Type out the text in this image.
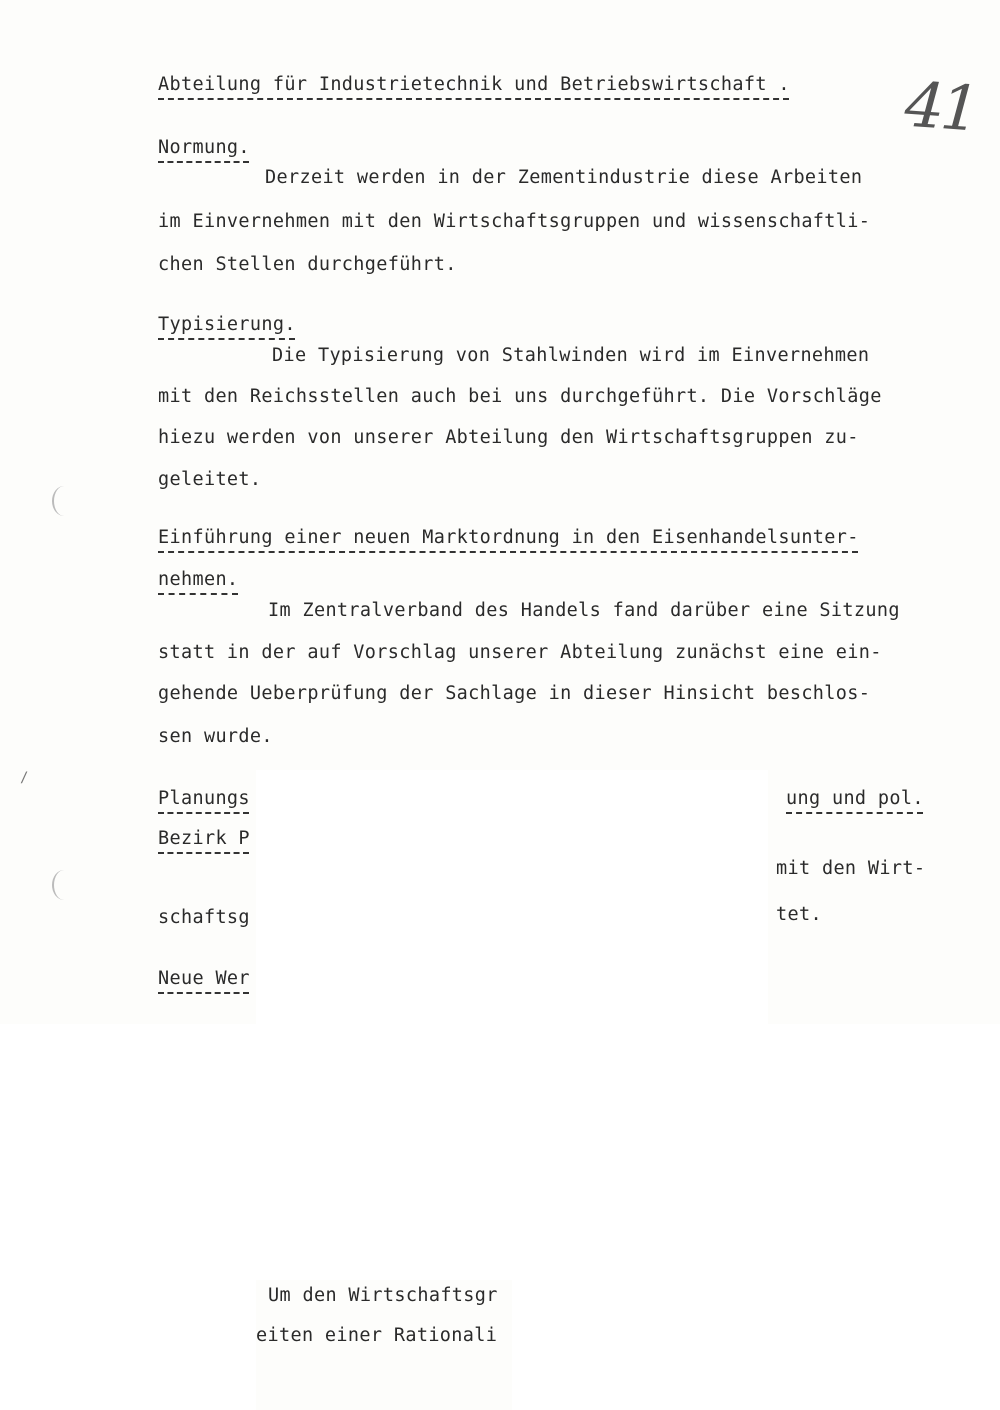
41
/
Abteilung für Industrietechnik und Betriebswirtschaft .
Normung.
Derzeit werden in der Zementindustrie diese Arbeiten
im Einvernehmen mit den Wirtschaftsgruppen und wissenschaftli-
chen Stellen durchgeführt.
Typisierung.
Die Typisierung von Stahlwinden wird im Einvernehmen
mit den Reichsstellen auch bei uns durchgeführt. Die Vorschläge
hiezu werden von unserer Abteilung den Wirtschaftsgruppen zu-
geleitet.
Einführung einer neuen Marktordnung in den Eisenhandelsunter-
nehmen.
Im Zentralverband des Handels fand darüber eine Sitzung
statt in der auf Vorschlag unserer Abteilung zunächst eine ein-
gehende Ueberprüfung der Sachlage in dieser Hinsicht beschlos-
sen wurde.
Planungs	ung und pol.
Bezirk P
mit den Wirt-
schaftsg	tet.
Neue Wer
Um den Wirtschaftsgr
eiten einer Rationali
